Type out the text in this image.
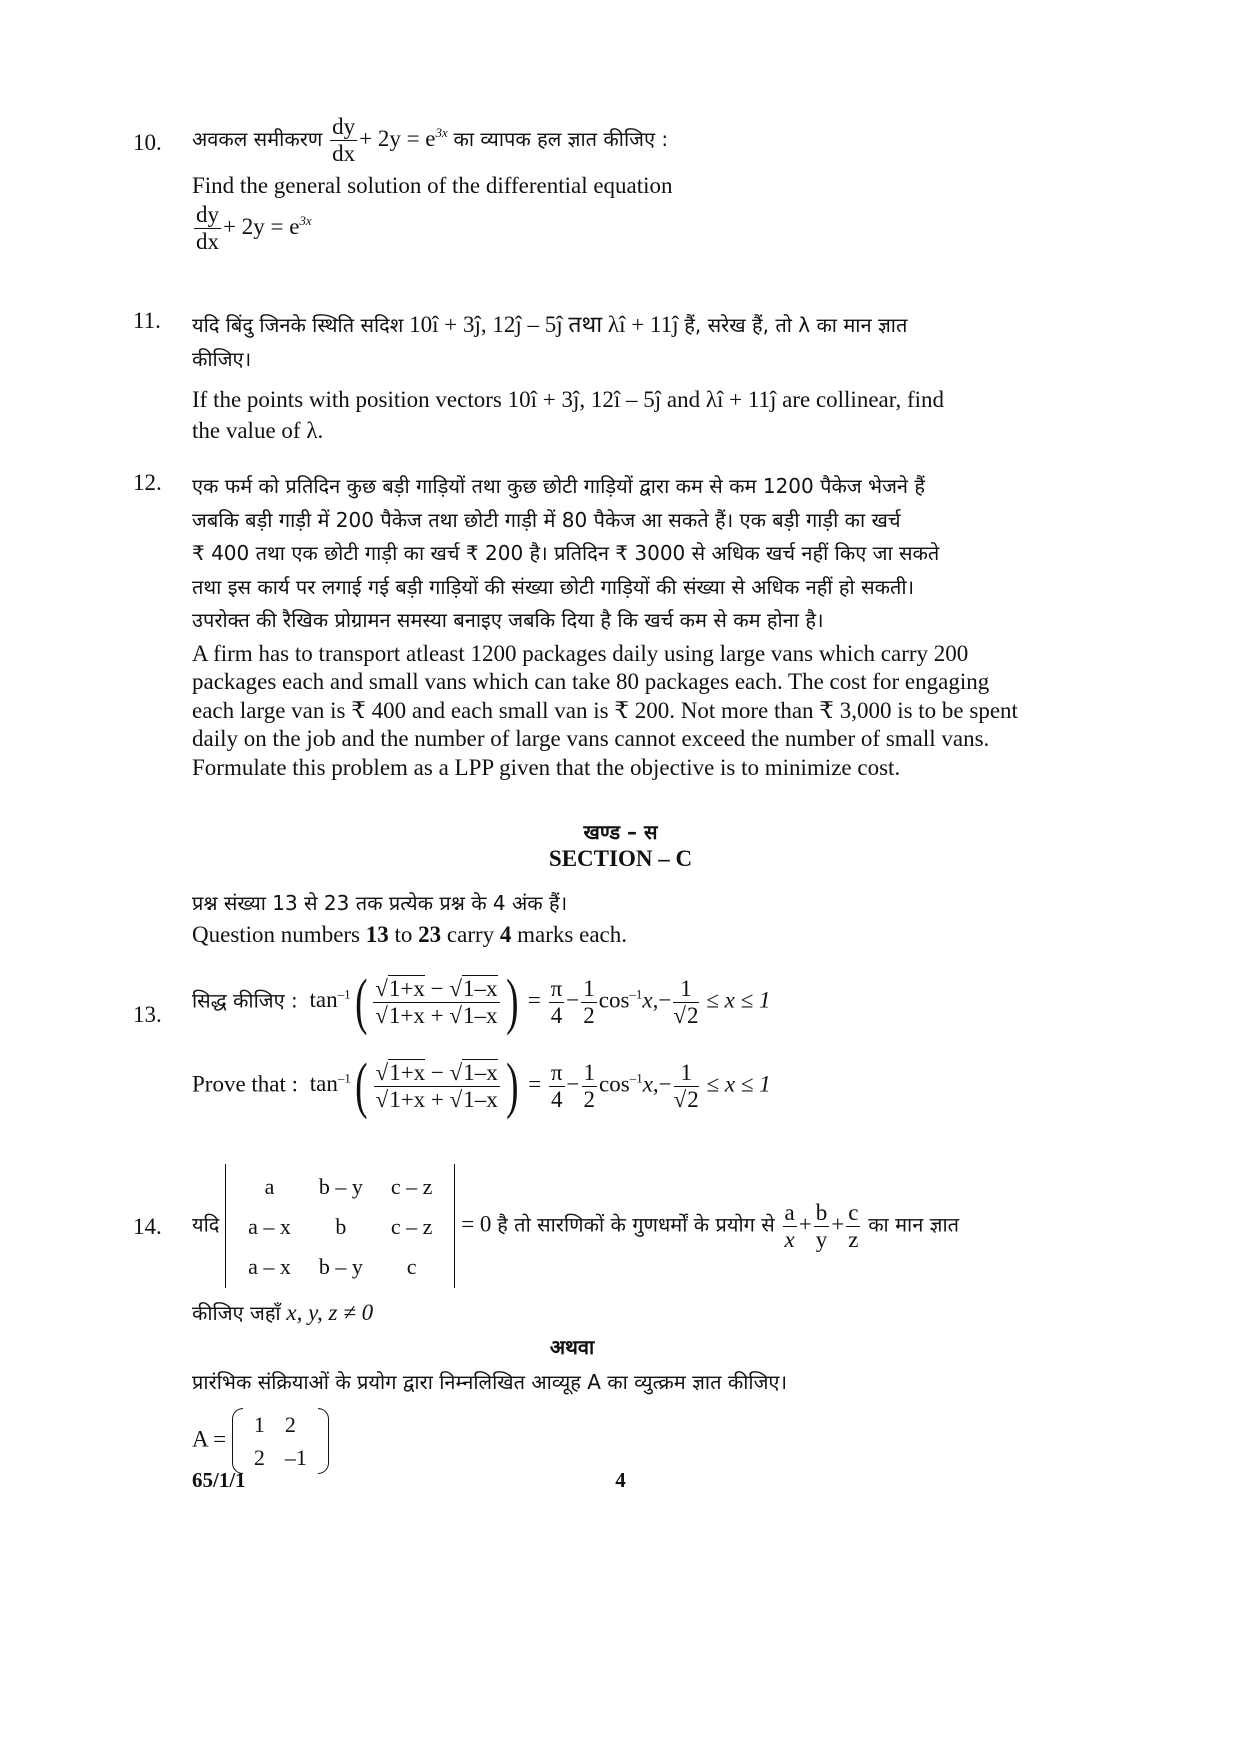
10. अवकल समीकरण $\frac{dy}{dx} + 2y = e^{3x}$ का व्यापक हल ज्ञात कीजिए :
Find the general solution of the differential equation
$\frac{dy}{dx} + 2y = e^{3x}$
11. यदि बिंदु जिनके स्थिति सदिश 10î + 3ĵ, 12ĵ – 5ĵ तथा λî + 11ĵ हैं, सरेख हैं, तो λ का मान ज्ञात
कीजिए।
If the points with position vectors 10î + 3ĵ, 12î – 5ĵ and λî + 11ĵ are collinear, find
the value of λ.
12. एक फर्म को प्रतिदिन कुछ बड़ी गाड़ियों तथा कुछ छोटी गाड़ियों द्वारा कम से कम 1200 पैकेज भेजने हैं
जबकि बड़ी गाड़ी में 200 पैकेज तथा छोटी गाड़ी में 80 पैकेज आ सकते हैं। एक बड़ी गाड़ी का खर्च
₹ 400 तथा एक छोटी गाड़ी का खर्च ₹ 200 है। प्रतिदिन ₹ 3000 से अधिक खर्च नहीं किए जा सकते
तथा इस कार्य पर लगाई गई बड़ी गाड़ियों की संख्या छोटी गाड़ियों की संख्या से अधिक नहीं हो सकती।
उपरोक्त की रैखिक प्रोग्रामन समस्या बनाइए जबकि दिया है कि खर्च कम से कम होना है।
A firm has to transport atleast 1200 packages daily using large vans which carry 200
packages each and small vans which can take 80 packages each. The cost for engaging
each large van is ₹ 400 and each small van is ₹ 200. Not more than ₹ 3,000 is to be spent
daily on the job and the number of large vans cannot exceed the number of small vans.
Formulate this problem as a LPP given that the objective is to minimize cost.
खण्ड – स
SECTION – C
प्रश्न संख्या 13 से 23 तक प्रत्येक प्रश्न के 4 अंक हैं।
Question numbers 13 to 23 carry 4 marks each.
13.
सिद्ध कीजिए : $\tan^{-1}( \frac{√1+x - √1-x}{√1+x + √1-x}$ ) = $\frac{\pi}{4} - \frac{1}{2} \cos^{-1}x,- \frac{1}{√2} \le x \le 1$
Prove that : $\tan^{-1}( \frac{√1+x - √1-x}{√1+x + √1-x}$ ) = $\frac{\pi}{4} - \frac{1}{2} \cos^{-1}x,- \frac{1}{√2} \le x \le 1$
14. यदि
a	b – y	c – z
a – x	b	c – z
a – x	b – y	c
= 0 है तो सारणिकों के गुणधर्मों के प्रयोग से $\frac{a}{x} + \frac{b}{y} + \frac{c}{z}$ का मान ज्ञात
कीजिए जहाँ x, y, z ≠ 0
अथवा
प्रारंभिक संक्रियाओं के प्रयोग द्वारा निम्नलिखित आव्यूह A का व्युत्क्रम ज्ञात कीजिए।
A =
1	2
2	–1
65/1/1	4
